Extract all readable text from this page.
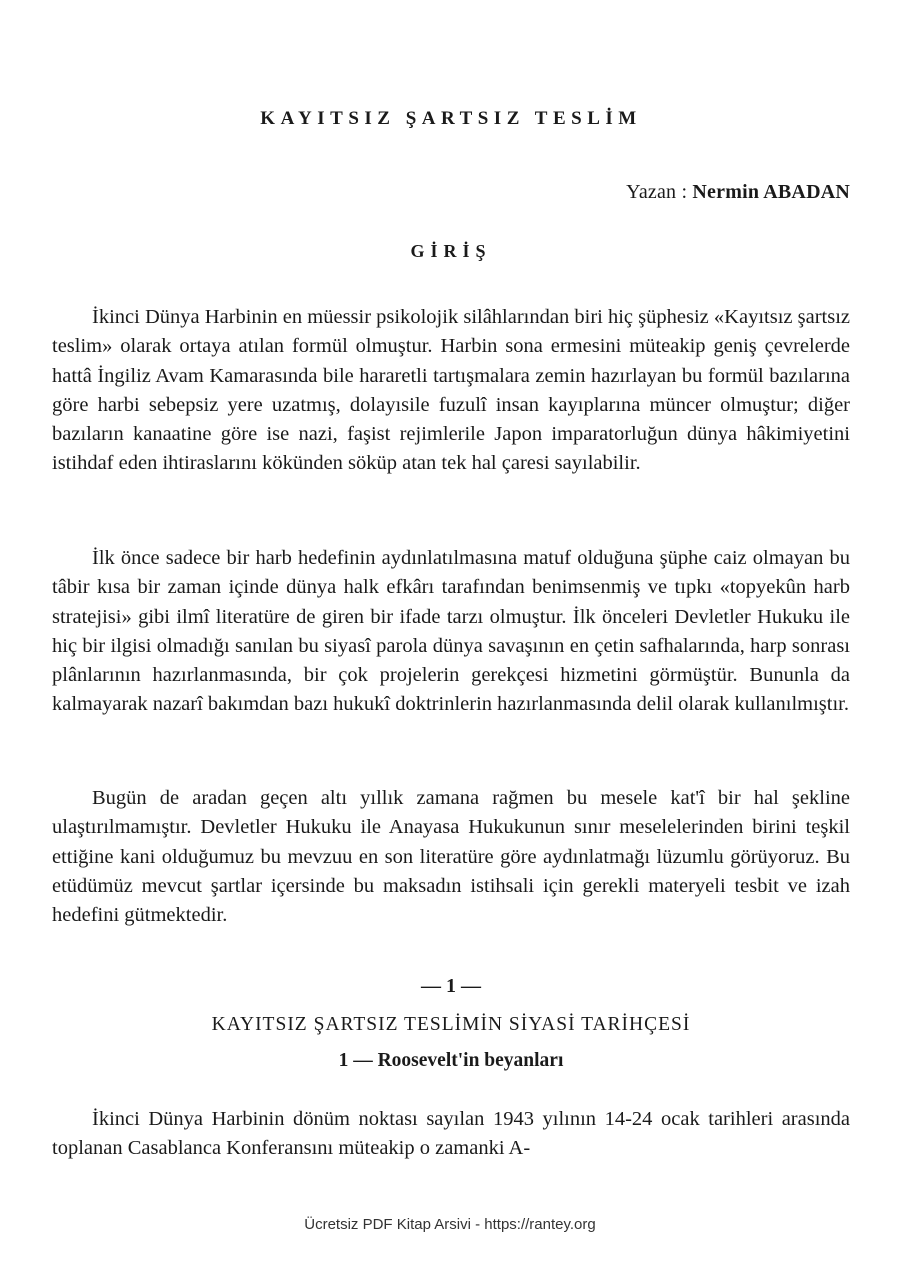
KAYITSIZ ŞARTSIZ TESLİM
Yazan : Nermin ABADAN
GİRİŞ

İkinci Dünya Harbinin en müessir psikolojik silâhlarından biri hiç şüphesiz «Kayıtsız şartsız teslim» olarak ortaya atılan formül olmuştur. Harbin sona ermesini müteakip geniş çevrelerde hattâ İngiliz Avam Kamarasında bile hararetli tartışmalara zemin hazırlayan bu formül bazılarına göre harbi sebepsiz yere uzatmış, dolayısile fuzulî insan kayıplarına müncer olmuştur; diğer bazıların kanaatine göre ise nazi, faşist rejimlerile Japon imparatorluğun dünya hâkimiyetini istihdaf eden ihtiraslarını kökünden söküp atan tek hal çaresi sayılabilir.

İlk önce sadece bir harb hedefinin aydınlatılmasına matuf olduğuna şüphe caiz olmayan bu tâbir kısa bir zaman içinde dünya halk efkârı tarafından benimsenmiş ve tıpkı «topyekûn harb stratejisi» gibi ilmî literatüre de giren bir ifade tarzı olmuştur. İlk önceleri Devletler Hukuku ile hiç bir ilgisi olmadığı sanılan bu siyasî parola dünya savaşının en çetin safhalarında, harp sonrası plânlarının hazırlanmasında, bir çok projelerin gerekçesi hizmetini görmüştür. Bununla da kalmayarak nazarî bakımdan bazı hukukî doktrinlerin hazırlanmasında delil olarak kullanılmıştır.

Bugün de aradan geçen altı yıllık zamana rağmen bu mesele kat'î bir hal şekline ulaştırılmamıştır. Devletler Hukuku ile Anayasa Hukukunun sınır meselelerinden birini teşkil ettiğine kani olduğumuz bu mevzuu en son literatüre göre aydınlatmağı lüzumlu görüyoruz. Bu etüdümüz mevcut şartlar içersinde bu maksadın istihsali için gerekli materyeli tesbit ve izah hedefini gütmektedir.

— 1 —
KAYITSIZ ŞARTSIZ TESLİMİN SİYASİ TARİHÇESİ
1 — Roosevelt'in beyanları

İkinci Dünya Harbinin dönüm noktası sayılan 1943 yılının 14-24 ocak tarihleri arasında toplanan Casablanca Konferansını müteakip o zamanki A-

Ücretsiz PDF Kitap Arsivi - https://rantey.org
